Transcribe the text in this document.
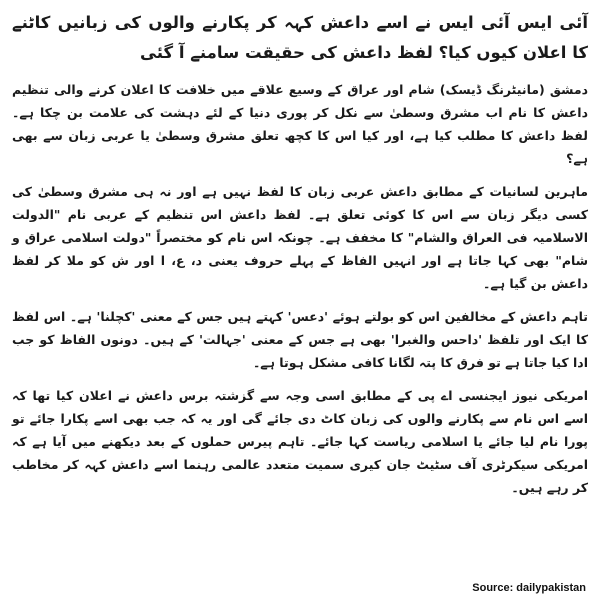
آئی ایس آئی ایس نے اسے داعش کہہ کر پکارنے والوں کی زبانیں کاٹنے کا اعلان کیوں کیا؟ لفظ داعش کی حقیقت سامنے آ گئی

دمشق (مانیٹرنگ ڈیسک) شام اور عراق کے وسیع علاقے میں خلافت کا اعلان کرنے والی تنظیم داعش کا نام اب مشرق وسطیٰ سے نکل کر پوری دنیا کے لئے دہشت کی علامت بن چکا ہے۔ لفظ داعش کا مطلب کیا ہے، اور کیا اس کا کچھ تعلق مشرق وسطیٰ یا عربی زبان سے بھی ہے؟

ماہرین لسانیات کے مطابق داعش عربی زبان کا لفظ نہیں ہے اور نہ ہی مشرق وسطیٰ کی کسی دیگر زبان سے اس کا کوئی تعلق ہے۔ لفظ داعش اس تنظیم کے عربی نام "الدولت الاسلامیہ فی العراق والشام" کا مخفف ہے۔ چونکہ اس نام کو مختصراً "دولت اسلامی عراق و شام" بھی کہا جاتا ہے اور انہیں الفاظ کے پہلے حروف یعنی د، ع، ا اور ش کو ملا کر لفظ داعش بن گیا ہے۔

تاہم داعش کے مخالفین اس کو بولتے ہوئے 'دعس' کہتے ہیں جس کے معنی 'کچلنا' ہے۔ اس لفظ کا ایک اور تلفظ 'داحس والغبرا' بھی ہے جس کے معنی 'جہالت' کے ہیں۔ دونوں الفاظ کو جب ادا کیا جاتا ہے تو فرق کا پتہ لگانا کافی مشکل ہوتا ہے۔

امریکی نیوز ایجنسی اے پی کے مطابق اسی وجہ سے گزشتہ برس داعش نے اعلان کیا تھا کہ اسے اس نام سے پکارنے والوں کی زبان کاٹ دی جائے گی اور یہ کہ جب بھی اسے پکارا جائے تو پورا نام لیا جائے یا اسلامی ریاست کہا جائے۔ تاہم پیرس حملوں کے بعد دیکھنے میں آیا ہے کہ امریکی سیکرٹری آف سٹیٹ جان کیری سمیت متعدد عالمی رہنما اسے داعش کہہ کر مخاطب کر رہے ہیں۔

Source: dailypakistan
